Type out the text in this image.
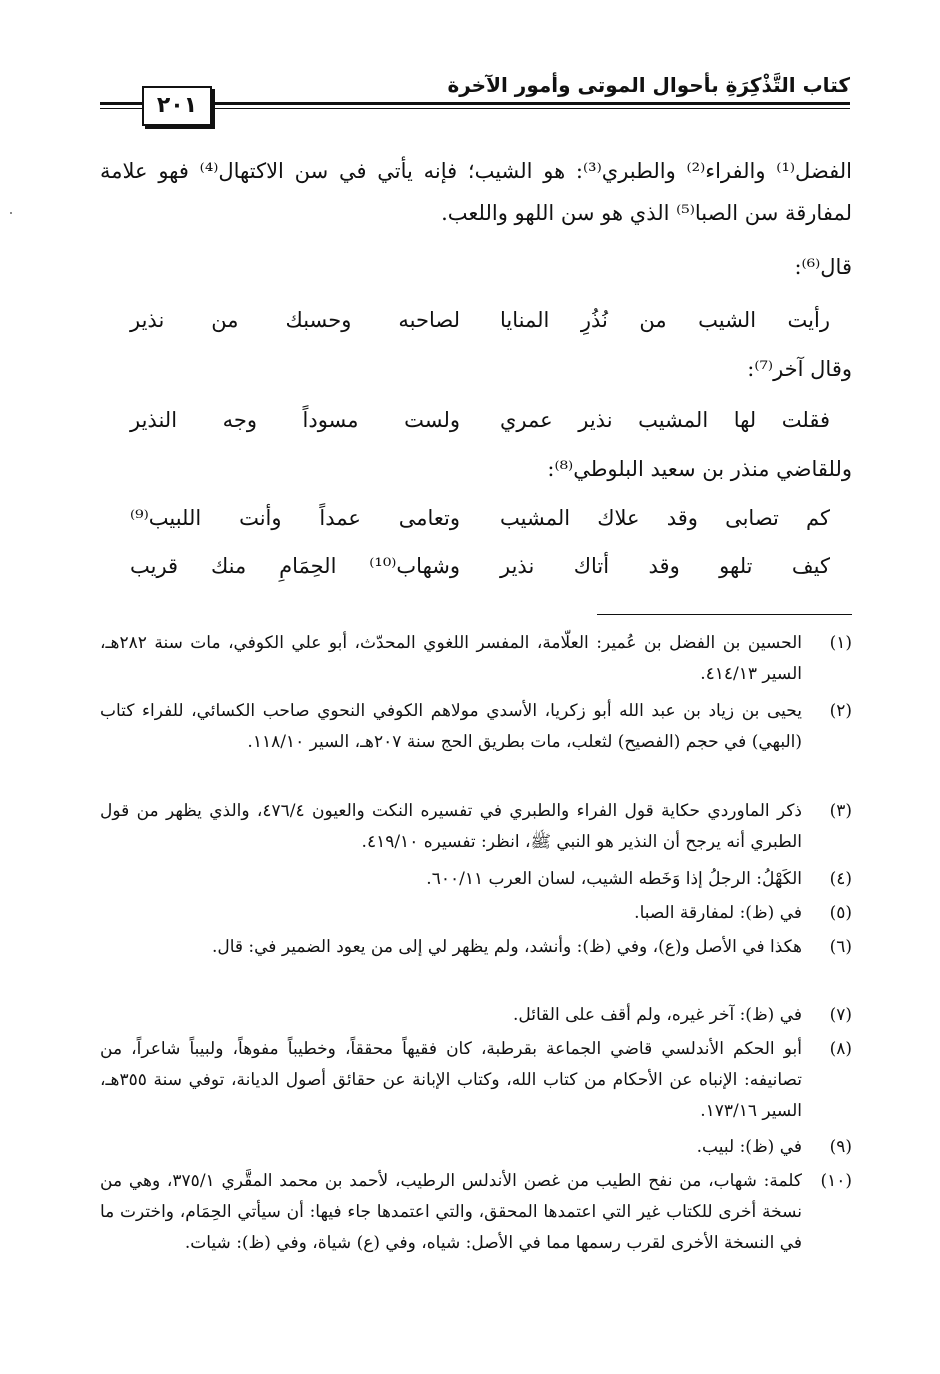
كتاب التَّذْكِرَةِ بأحوال الموتى وأمور الآخرة
٢٠١
الفضل⁽¹⁾ والفراء⁽²⁾ والطبري⁽³⁾: هو الشيب؛ فإنه يأتي في سن الاكتهال⁽⁴⁾ فهو علامة لمفارقة سن الصبا⁽⁵⁾ الذي هو سن اللهو واللعب.
قال⁽⁶⁾:
رأيت الشيب من نُذُرِ المنايا
لصاحبه وحسبك من نذير
وقال آخر⁽⁷⁾:
فقلت لها المشيب نذير عمري
ولست مسوداً وجه النذير
وللقاضي منذر بن سعيد البلوطي⁽⁸⁾:
كم تصابى وقد علاك المشيب
وتعامى عمداً وأنت اللبيب⁽⁹⁾
كيف تلهو وقد أتاك نذير
وشهاب⁽¹⁰⁾ الحِمَامِ منك قريب
(١)
الحسين بن الفضل بن عُمير: العلّامة، المفسر اللغوي المحدّث، أبو علي الكوفي، مات سنة ٢٨٢هـ، السير ٤١٤/١٣.
(٢)
يحيى بن زياد بن عبد الله أبو زكريا، الأسدي مولاهم الكوفي النحوي صاحب الكسائي، للفراء كتاب (البهي) في حجم (الفصيح) لثعلب، مات بطريق الحج سنة ٢٠٧هـ، السير ١١٨/١٠.
(٣)
ذكر الماوردي حكاية قول الفراء والطبري في تفسيره النكت والعيون ٤٧٦/٤، والذي يظهر من قول الطبري أنه يرجح أن النذير هو النبي ﷺ، انظر: تفسيره ٤١٩/١٠.
(٤)
الكَهْلُ: الرجلُ إذا وَخَطه الشيب، لسان العرب ٦٠٠/١١.
(٥)
في (ظ): لمفارقة الصبا.
(٦)
هكذا في الأصل و(ع)، وفي (ظ): وأنشد، ولم يظهر لي إلى من يعود الضمير في: قال.
(٧)
في (ظ): آخر غيره، ولم أقف على القائل.
(٨)
أبو الحكم الأندلسي قاضي الجماعة بقرطبة، كان فقيهاً محققاً، وخطيباً مفوهاً، ولبيباً شاعراً، من تصانيفه: الإنباه عن الأحكام من كتاب الله، وكتاب الإبانة عن حقائق أصول الديانة، توفي سنة ٣٥٥هـ، السير ١٧٣/١٦.
(٩)
في (ظ): لبيب.
(١٠)
كلمة: شهاب، من نفح الطيب من غصن الأندلس الرطيب، لأحمد بن محمد المقَّري ٣٧٥/١، وهي من نسخة أخرى للكتاب غير التي اعتمدها المحقق، والتي اعتمدها جاء فيها: أن سيأتي الحِمَام، واخترت ما في النسخة الأخرى لقرب رسمها مما في الأصل: شياه، وفي (ع) شياة، وفي (ظ): شيات.
